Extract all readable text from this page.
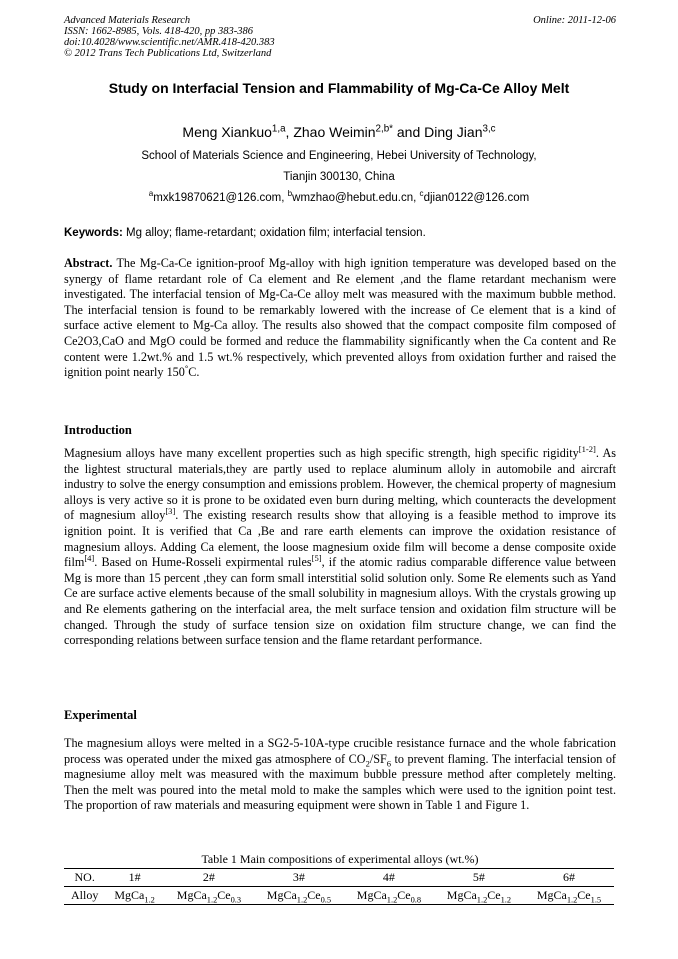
Advanced Materials Research
ISSN: 1662-8985, Vols. 418-420, pp 383-386
doi:10.4028/www.scientific.net/AMR.418-420.383
© 2012 Trans Tech Publications Ltd, Switzerland
Online: 2011-12-06
Study on Interfacial Tension and Flammability of Mg-Ca-Ce Alloy Melt
Meng Xiankuo$^{1,a}$, Zhao Weimin$^{2,b*}$ and Ding Jian$^{3,c}$
School of Materials Science and Engineering, Hebei University of Technology,
Tianjin 300130, China
$^a$mxk19870621@126.com, $^b$wmzhao@hebut.edu.cn, $^c$djian0122@126.com
Keywords: Mg alloy; flame-retardant; oxidation film; interfacial tension.
Abstract. The Mg-Ca-Ce ignition-proof Mg-alloy with high ignition temperature was developed based on the synergy of flame retardant role of Ca element and Re element ,and the flame retardant mechanism were investigated. The interfacial tension of Mg-Ca-Ce alloy melt was measured with the maximum bubble method. The interfacial tension is found to be remarkably lowered with the increase of Ce element that is a kind of surface active element to Mg-Ca alloy. The results also showed that the compact composite film composed of Ce2O3,CaO and MgO could be formed and reduce the flammability significantly when the Ca content and Re content were 1.2wt.% and 1.5 wt.% respectively, which prevented alloys from oxidation further and raised the ignition point nearly 150°C.
Introduction
Magnesium alloys have many excellent properties such as high specific strength, high specific rigidity[1-2]. As the lightest structural materials,they are partly used to replace aluminum alloly in automobile and aircraft industry to solve the energy consumption and emissions problem. However, the chemical property of magnesium alloys is very active so it is prone to be oxidated even burn during melting, which counteracts the development of magnesium alloy[3]. The existing research results show that alloying is a feasible method to improve its ignition point. It is verified that Ca ,Be and rare earth elements can improve the oxidation resistance of magnesium alloys. Adding Ca element, the loose magnesium oxide film will become a dense composite oxide film[4]. Based on Hume-Rosseli expirmental rules[5], if the atomic radius comparable difference value between Mg is more than 15 percent ,they can form small interstitial solid solution only. Some Re elements such as Yand Ce are surface active elements because of the small solubility in magnesium alloys. With the crystals growing up and Re elements gathering on the interfacial area, the melt surface tension and oxidation film structure will be changed. Through the study of surface tension size on oxidation film structure change, we can find the corresponding relations between surface tension and the flame retardant performance.
Experimental
The magnesium alloys were melted in a SG2-5-10A-type crucible resistance furnace and the whole fabrication process was operated under the mixed gas atmosphere of $CO_2/SF_6$ to prevent flaming. The interfacial tension of magnesiume alloy melt was measured with the maximum bubble pressure method after completely melting. Then the melt was poured into the metal mold to make the samples which were used to the ignition point test. The proportion of raw materials and measuring equipment were shown in Table 1 and Figure 1.
Table 1 Main compositions of experimental alloys (wt.%)
NO.	1#	2#	3#	4#	5#	6#
Alloy	MgCa$_{1.2}$	$MgCa_{1.2}Ce_{0.3}$	$MgCa_{1.2}Ce_{0.5}$	$MgCa_{1.2}Ce_{0.8}$	$MgCa_{1.2}Ce_{1.2}$	$MgCa_{1.2}Ce_{1.5}$
